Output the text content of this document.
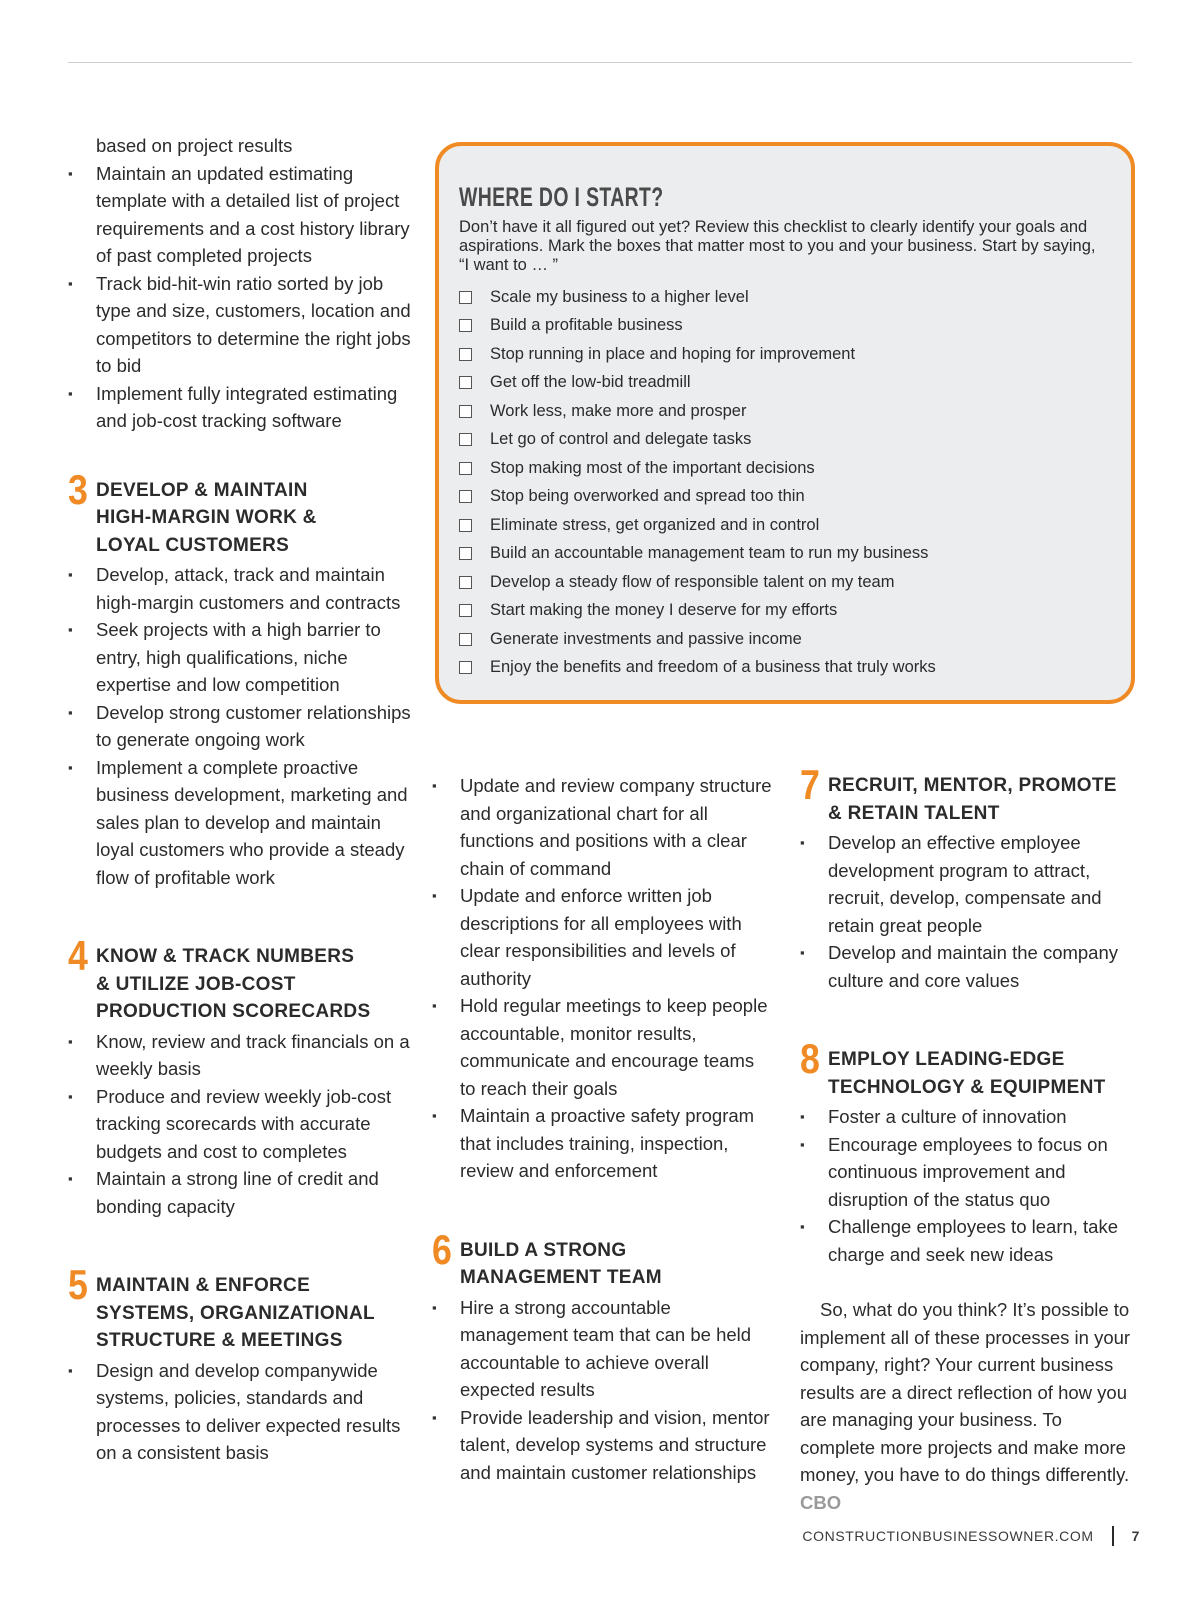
based on project results

▪ Maintain an updated estimating template with a detailed list of project requirements and a cost history library of past completed projects
▪ Track bid-hit-win ratio sorted by job type and size, customers, location and competitors to determine the right jobs to bid
▪ Implement fully integrated estimating and job-cost tracking software
3 DEVELOP & MAINTAIN
HIGH-MARGIN WORK &
LOYAL CUSTOMERS
▪ Develop, attack, track and maintain high-margin customers and contracts
▪ Seek projects with a high barrier to entry, high qualifications, niche expertise and low competition
▪ Develop strong customer relationships to generate ongoing work
▪ Implement a complete proactive business development, marketing and sales plan to develop and maintain loyal customers who provide a steady flow of profitable work
4 KNOW & TRACK NUMBERS
& UTILIZE JOB-COST
PRODUCTION SCORECARDS
▪ Know, review and track financials on a weekly basis
▪ Produce and review weekly job-cost tracking scorecards with accurate budgets and cost to completes
▪ Maintain a strong line of credit and bonding capacity
5 MAINTAIN & ENFORCE
SYSTEMS, ORGANIZATIONAL
STRUCTURE & MEETINGS
▪ Design and develop companywide systems, policies, standards and processes to deliver expected results on a consistent basis
WHERE DO I START?
Don’t have it all figured out yet? Review this checklist to clearly identify your goals and aspirations. Mark the boxes that matter most to you and your business. Start by saying, “I want to … ”
Scale my business to a higher level
Build a profitable business
Stop running in place and hoping for improvement
Get off the low-bid treadmill
Work less, make more and prosper
Let go of control and delegate tasks
Stop making most of the important decisions
Stop being overworked and spread too thin
Eliminate stress, get organized and in control
Build an accountable management team to run my business
Develop a steady flow of responsible talent on my team
Start making the money I deserve for my efforts
Generate investments and passive income
Enjoy the benefits and freedom of a business that truly works
▪ Update and review company structure and organizational chart for all functions and positions with a clear chain of command
▪ Update and enforce written job descriptions for all employees with clear responsibilities and levels of authority
▪ Hold regular meetings to keep people accountable, monitor results, communicate and encourage teams to reach their goals
▪ Maintain a proactive safety program that includes training, inspection, review and enforcement
6 BUILD A STRONG
MANAGEMENT TEAM
▪ Hire a strong accountable management team that can be held accountable to achieve overall expected results
▪ Provide leadership and vision, mentor talent, develop systems and structure and maintain customer relationships
7 RECRUIT, MENTOR, PROMOTE
& RETAIN TALENT
▪ Develop an effective employee development program to attract, recruit, develop, compensate and retain great people
▪ Develop and maintain the company culture and core values
8 EMPLOY LEADING-EDGE
TECHNOLOGY & EQUIPMENT
▪ Foster a culture of innovation
▪ Encourage employees to focus on continuous improvement and disruption of the status quo
▪ Challenge employees to learn, take charge and seek new ideas

So, what do you think? It’s possible to implement all of these processes in your company, right? Your current business results are a direct reflection of how you are managing your business. To complete more projects and make more money, you have to do things differently. CBO

CONSTRUCTIONBUSINESSOWNER.COM	7
